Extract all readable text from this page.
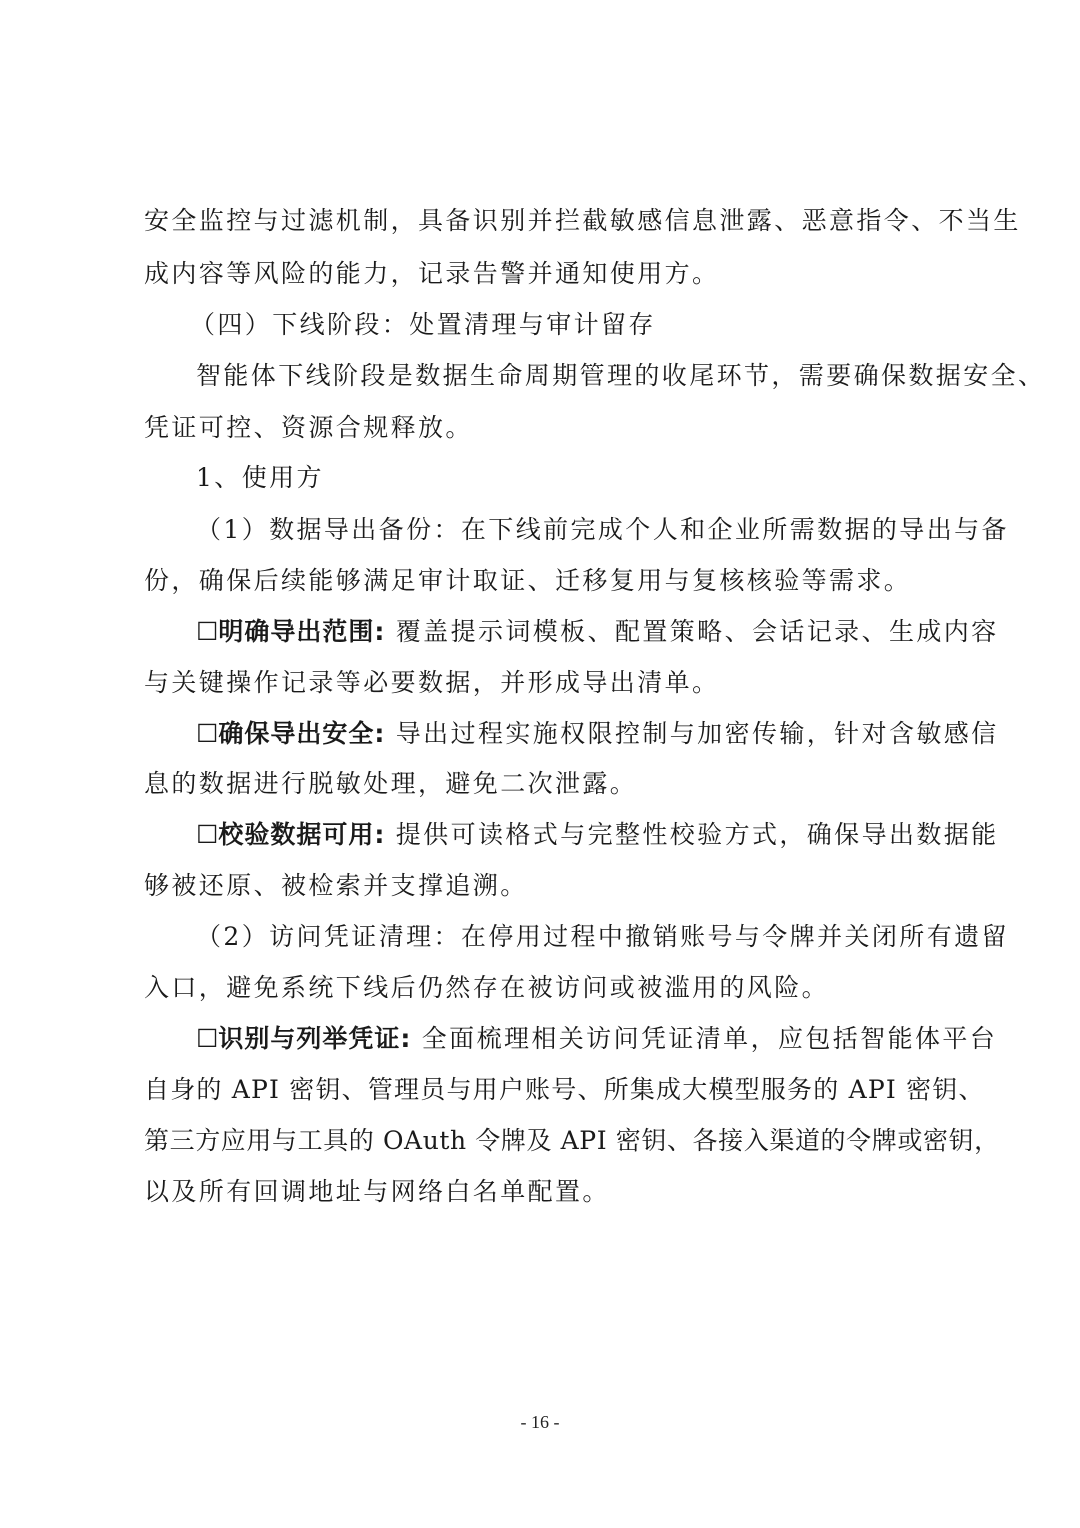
安全监控与过滤机制，具备识别并拦截敏感信息泄露、恶意指令、不当生
成内容等风险的能力，记录告警并通知使用方。
（四）下线阶段：处置清理与审计留存
智能体下线阶段是数据生命周期管理的收尾环节，需要确保数据安全、
凭证可控、资源合规释放。
1、使用方
（1）数据导出备份：在下线前完成个人和企业所需数据的导出与备
份，确保后续能够满足审计取证、迁移复用与复核核验等需求。
☐明确导出范围: 覆盖提示词模板、配置策略、会话记录、生成内容
与关键操作记录等必要数据，并形成导出清单。
☐确保导出安全: 导出过程实施权限控制与加密传输，针对含敏感信
息的数据进行脱敏处理，避免二次泄露。
☐校验数据可用: 提供可读格式与完整性校验方式，确保导出数据能
够被还原、被检索并支撑追溯。
（2）访问凭证清理：在停用过程中撤销账号与令牌并关闭所有遗留
入口，避免系统下线后仍然存在被访问或被滥用的风险。
☐识别与列举凭证: 全面梳理相关访问凭证清单，应包括智能体平台
自身的 API 密钥、管理员与用户账号、所集成大模型服务的 API 密钥、
第三方应用与工具的 OAuth 令牌及 API 密钥、各接入渠道的令牌或密钥，
以及所有回调地址与网络白名单配置。
- 16 -
